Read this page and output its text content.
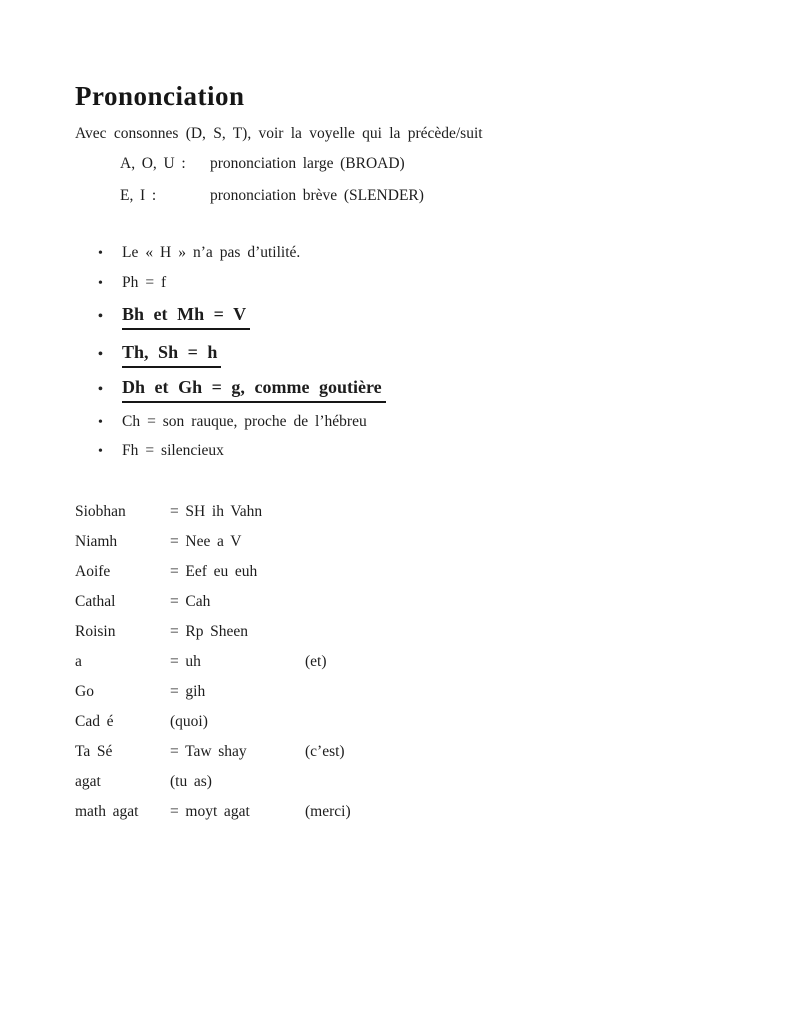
Prononciation
Avec consonnes (D, S, T), voir la voyelle qui la précède/suit
A, O, U :	prononciation large (BROAD)
E, I :	prononciation brève (SLENDER)
•	Le « H » n’a pas d’utilité.
•	Ph = f
•	Bh et Mh = V
•	Th, Sh = h
•	Dh et Gh = g, comme goutière
•	Ch = son rauque, proche de l’hébreu
•	Fh = silencieux
Siobhan	= SH ih Vahn
Niamh	= Nee a V
Aoife	= Eef eu euh
Cathal	= Cah
Roisin	= Rp Sheen
a	= uh	(et)
Go	= gih
Cad é	(quoi)
Ta Sé	= Taw shay	(c’est)
agat	(tu as)
math agat	= moyt agat	(merci)
